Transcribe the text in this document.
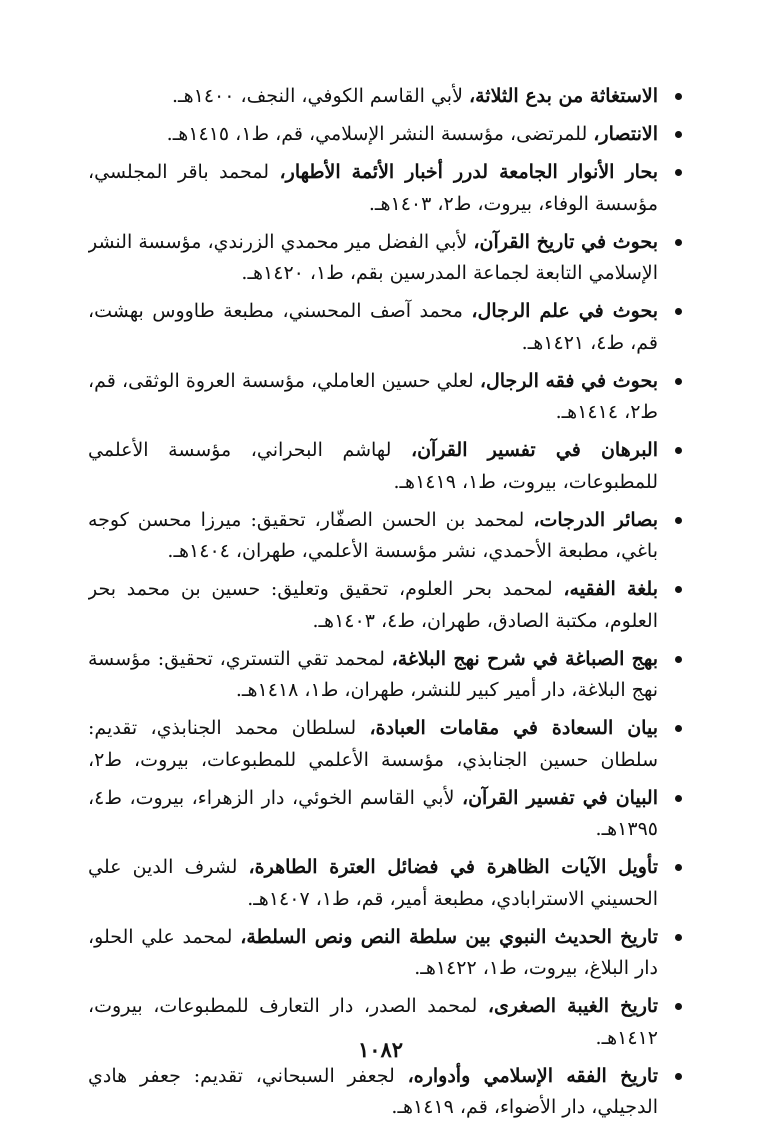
الاستغاثة من بدع الثلاثة، لأبي القاسم الكوفي، النجف، ١٤٠٠هـ.
الانتصار، للمرتضى، مؤسسة النشر الإسلامي، قم، ط١، ١٤١٥هـ.
بحار الأنوار الجامعة لدرر أخبار الأئمة الأطهار، لمحمد باقر المجلسي، مؤسسة الوفاء، بيروت، ط٢، ١٤٠٣هـ.
بحوث في تاريخ القرآن، لأبي الفضل مير محمدي الزرندي، مؤسسة النشر الإسلامي التابعة لجماعة المدرسين بقم، ط١، ١٤٢٠هـ.
بحوث في علم الرجال، محمد آصف المحسني، مطبعة طاووس بهشت، قم، ط٤، ١٤٢١هـ.
بحوث في فقه الرجال، لعلي حسين العاملي، مؤسسة العروة الوثقى، قم، ط٢، ١٤١٤هـ.
البرهان في تفسير القرآن، لهاشم البحراني، مؤسسة الأعلمي للمطبوعات، بيروت، ط١، ١٤١٩هـ.
بصائر الدرجات، لمحمد بن الحسن الصفّار، تحقيق: ميرزا محسن كوجه باغي، مطبعة الأحمدي، نشر مؤسسة الأعلمي، طهران، ١٤٠٤هـ.
بلغة الفقيه، لمحمد بحر العلوم، تحقيق وتعليق: حسين بن محمد بحر العلوم، مكتبة الصادق، طهران، ط٤، ١٤٠٣هـ.
بهج الصباغة في شرح نهج البلاغة، لمحمد تقي التستري، تحقيق: مؤسسة نهج البلاغة، دار أمير كبير للنشر، طهران، ط١، ١٤١٨هـ.
بيان السعادة في مقامات العبادة، لسلطان محمد الجنابذي، تقديم: سلطان حسين الجنابذي، مؤسسة الأعلمي للمطبوعات، بيروت، ط٢،
البيان في تفسير القرآن، لأبي القاسم الخوئي، دار الزهراء، بيروت، ط٤، ١٣٩٥هـ.
تأويل الآيات الظاهرة في فضائل العترة الطاهرة، لشرف الدين علي الحسيني الاسترابادي، مطبعة أمير، قم، ط١، ١٤٠٧هـ.
تاريخ الحديث النبوي بين سلطة النص ونص السلطة، لمحمد علي الحلو، دار البلاغ، بيروت، ط١، ١٤٢٢هـ.
تاريخ الغيبة الصغرى، لمحمد الصدر، دار التعارف للمطبوعات، بيروت، ١٤١٢هـ.
تاريخ الفقه الإسلامي وأدواره، لجعفر السبحاني، تقديم: جعفر هادي الدجيلي، دار الأضواء، قم، ١٤١٩هـ.
١٠٨٢
